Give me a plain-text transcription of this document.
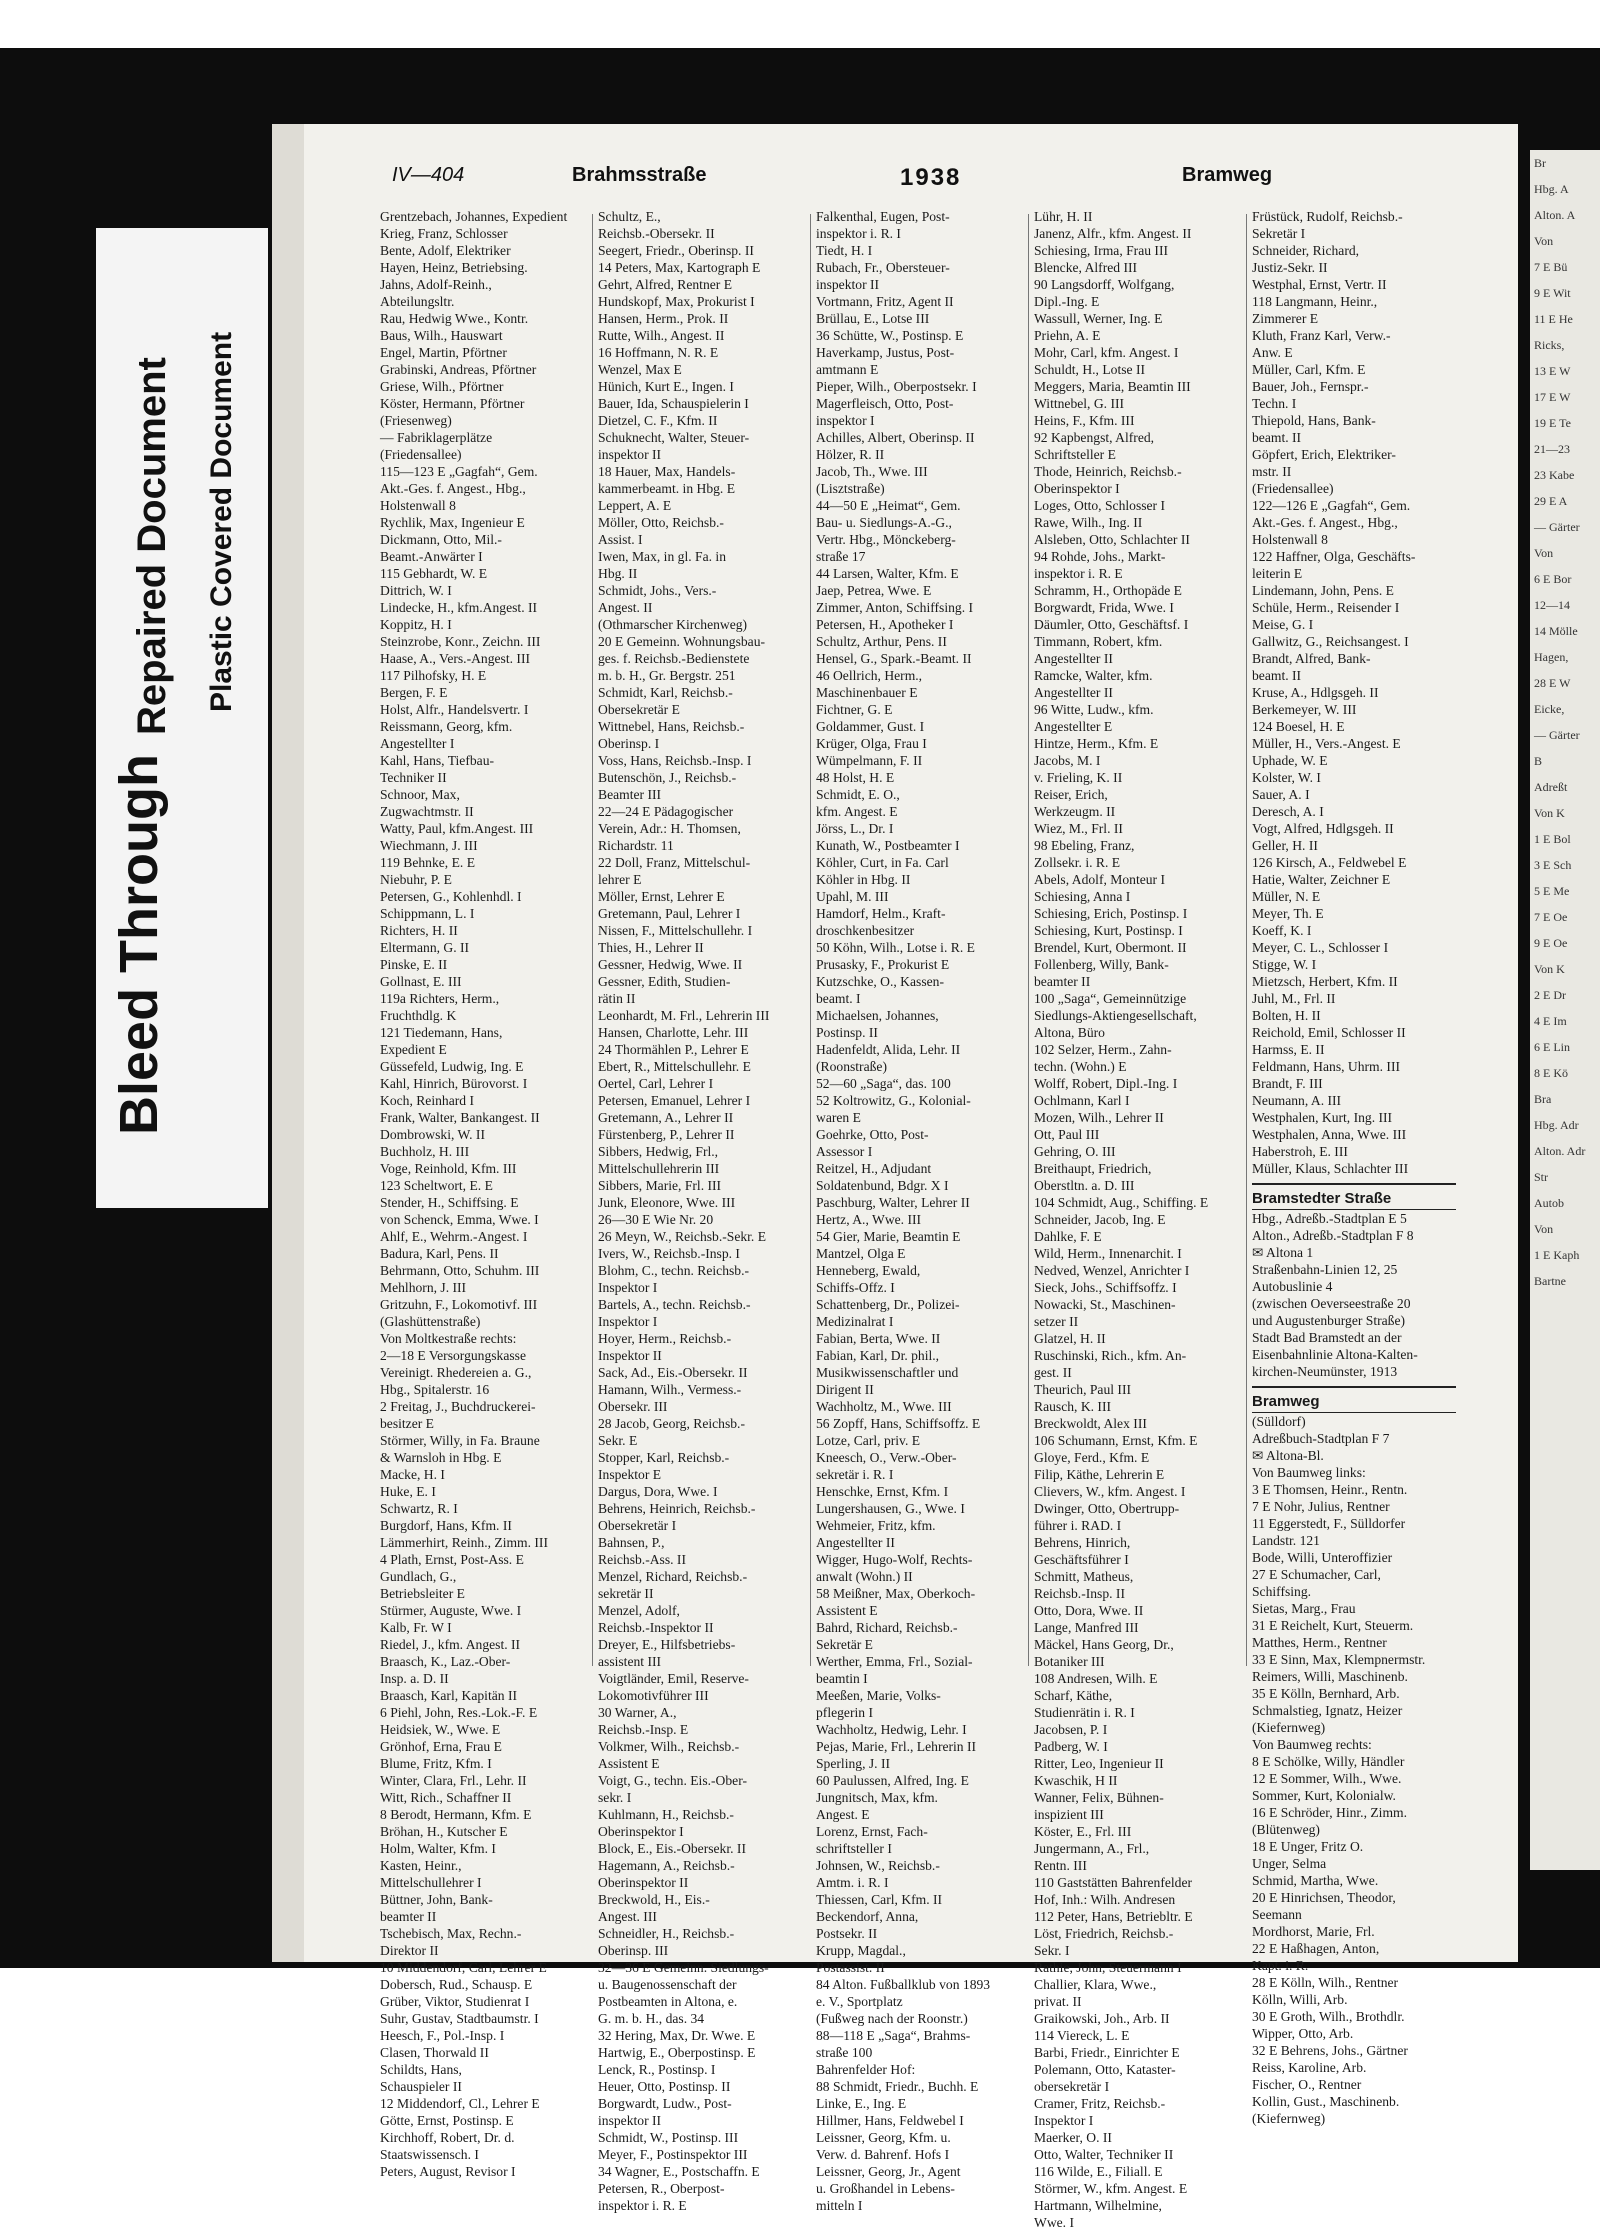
Bleed Through
Repaired Document Plastic Covered Document
Br
Hbg. A
Alton. A
Von
7 E Bü
9 E Wit
11 E He
Ricks,
13 E W
17 E W
19 E Te
21—23
23 Kabe
29 E A
— Gärter
Von
6 E Bor
12—14
14 Mölle
Hagen,
28 E W
Eicke,
— Gärter
B
Adreßt
Von K
1 E Bol
3 E Sch
5 E Me
7 E Oe
9 E Oe
Von K
2 E Dr
4 E Im
6 E Lin
8 E Kö
Bra
Hbg. Adr
Alton. Adr
Str
Autob
Von
1 E Kaph
Bartne
IV—404	Brahmsstraße	1938	Bramweg
Grentzebach, Johannes, Expedient
Krieg, Franz, Schlosser
Bente, Adolf, Elektriker
Hayen, Heinz, Betriebsing.
Jahns, Adolf-Reinh.,
Abteilungsltr.
Rau, Hedwig Wwe., Kontr.
Baus, Wilh., Hauswart
Engel, Martin, Pförtner
Grabinski, Andreas, Pförtner
Griese, Wilh., Pförtner
Köster, Hermann, Pförtner
(Friesenweg)
— Fabriklagerplätze
(Friedensallee)
115—123 E „Gagfah“, Gem.
Akt.-Ges. f. Angest., Hbg.,
Holstenwall 8
Rychlik, Max, Ingenieur E
Dickmann, Otto, Mil.-
Beamt.-Anwärter I
115 Gebhardt, W. E
Dittrich, W. I
Lindecke, H., kfm.Angest. II
Koppitz, H. I
Steinzrobe, Konr., Zeichn. III
Haase, A., Vers.-Angest. III
117 Pilhofsky, H. E
Bergen, F. E
Holst, Alfr., Handelsvertr. I
Reissmann, Georg, kfm.
Angestellter I
Kahl, Hans, Tiefbau-
Techniker II
Schnoor, Max,
Zugwachtmstr. II
Watty, Paul, kfm.Angest. III
Wiechmann, J. III
119 Behnke, E. E
Niebuhr, P. E
Petersen, G., Kohlenhdl. I
Schippmann, L. I
Richters, H. II
Eltermann, G. II
Pinske, E. II
Gollnast, E. III
119a Richters, Herm.,
Fruchthdlg. K
121 Tiedemann, Hans,
Expedient E
Güssefeld, Ludwig, Ing. E
Kahl, Hinrich, Bürovorst. I
Koch, Reinhard I
Frank, Walter, Bankangest. II
Dombrowski, W. II
Buchholz, H. III
Voge, Reinhold, Kfm. III
123 Scheltwort, E. E
Stender, H., Schiffsing. E
von Schenck, Emma, Wwe. I
Ahlf, E., Wehrm.-Angest. I
Badura, Karl, Pens. II
Behrmann, Otto, Schuhm. III
Mehlhorn, J. III
Gritzuhn, F., Lokomotivf. III
(Glashüttenstraße)
Von Moltkestraße rechts:
2—18 E Versorgungskasse
Vereinigt. Rhedereien a. G.,
Hbg., Spitalerstr. 16
2 Freitag, J., Buchdruckerei-
besitzer E
Störmer, Willy, in Fa. Braune
& Warnsloh in Hbg. E
Macke, H. I
Huke, E. I
Schwartz, R. I
Burgdorf, Hans, Kfm. II
Lämmerhirt, Reinh., Zimm. III
4 Plath, Ernst, Post-Ass. E
Gundlach, G.,
Betriebsleiter E
Stürmer, Auguste, Wwe. I
Kalb, Fr. W I
Riedel, J., kfm. Angest. II
Braasch, K., Laz.-Ober-
Insp. a. D. II
Braasch, Karl, Kapitän II
6 Piehl, John, Res.-Lok.-F. E
Heidsiek, W., Wwe. E
Grönhof, Erna, Frau E
Blume, Fritz, Kfm. I
Winter, Clara, Frl., Lehr. II
Witt, Rich., Schaffner II
8 Berodt, Hermann, Kfm. E
Bröhan, H., Kutscher E
Holm, Walter, Kfm. I
Kasten, Heinr.,
Mittelschullehrer I
Büttner, John, Bank-
beamter II
Tschebisch, Max, Rechn.-
Direktor II
10 Middendorf, Carl, Lehrer E
Dobersch, Rud., Schausp. E
Grüber, Viktor, Studienrat I
Suhr, Gustav, Stadtbaumstr. I
Heesch, F., Pol.-Insp. I
Clasen, Thorwald II
Schildts, Hans,
Schauspieler II
12 Middendorf, Cl., Lehrer E
Götte, Ernst, Postinsp. E
Kirchhoff, Robert, Dr. d.
Staatswissensch. I
Peters, August, Revisor I
Schultz, E.,
Reichsb.-Obersekr. II
Seegert, Friedr., Oberinsp. II
14 Peters, Max, Kartograph E
Gehrt, Alfred, Rentner E
Hundskopf, Max, Prokurist I
Hansen, Herm., Prok. II
Rutte, Wilh., Angest. II
16 Hoffmann, N. R. E
Wenzel, Max E
Hünich, Kurt E., Ingen. I
Bauer, Ida, Schauspielerin I
Dietzel, C. F., Kfm. II
Schuknecht, Walter, Steuer-
inspektor II
18 Hauer, Max, Handels-
kammerbeamt. in Hbg. E
Leppert, A. E
Möller, Otto, Reichsb.-
Assist. I
Iwen, Max, in gl. Fa. in
Hbg. II
Schmidt, Johs., Vers.-
Angest. II
(Othmarscher Kirchenweg)
20 E Gemeinn. Wohnungsbau-
ges. f. Reichsb.-Bedienstete
m. b. H., Gr. Bergstr. 251
Schmidt, Karl, Reichsb.-
Obersekretär E
Wittnebel, Hans, Reichsb.-
Oberinsp. I
Voss, Hans, Reichsb.-Insp. I
Butenschön, J., Reichsb.-
Beamter III
22—24 E Pädagogischer
Verein, Adr.: H. Thomsen,
Richardstr. 11
22 Doll, Franz, Mittelschul-
lehrer E
Möller, Ernst, Lehrer E
Gretemann, Paul, Lehrer I
Nissen, F., Mittelschullehr. I
Thies, H., Lehrer II
Gessner, Hedwig, Wwe. II
Gessner, Edith, Studien-
rätin II
Leonhardt, M. Frl., Lehrerin III
Hansen, Charlotte, Lehr. III
24 Thormählen P., Lehrer E
Ebert, R., Mittelschullehr. E
Oertel, Carl, Lehrer I
Petersen, Emanuel, Lehrer I
Gretemann, A., Lehrer II
Fürstenberg, P., Lehrer II
Sibbers, Hedwig, Frl.,
Mittelschullehrerin III
Sibbers, Marie, Frl. III
Junk, Eleonore, Wwe. III
26—30 E Wie Nr. 20
26 Meyn, W., Reichsb.-Sekr. E
Ivers, W., Reichsb.-Insp. I
Blohm, C., techn. Reichsb.-
Inspektor I
Bartels, A., techn. Reichsb.-
Inspektor I
Hoyer, Herm., Reichsb.-
Inspektor II
Sack, Ad., Eis.-Obersekr. II
Hamann, Wilh., Vermess.-
Obersekr. III
28 Jacob, Georg, Reichsb.-
Sekr. E
Stopper, Karl, Reichsb.-
Inspektor E
Dargus, Dora, Wwe. I
Behrens, Heinrich, Reichsb.-
Obersekretär I
Bahnsen, P.,
Reichsb.-Ass. II
Menzel, Richard, Reichsb.-
sekretär II
Menzel, Adolf,
Reichsb.-Inspektor II
Dreyer, E., Hilfsbetriebs-
assistent III
Voigtländer, Emil, Reserve-
Lokomotivführer III
30 Warner, A.,
Reichsb.-Insp. E
Volkmer, Wilh., Reichsb.-
Assistent E
Voigt, G., techn. Eis.-Ober-
sekr. I
Kuhlmann, H., Reichsb.-
Oberinspektor I
Block, E., Eis.-Obersekr. II
Hagemann, A., Reichsb.-
Oberinspektor II
Breckwold, H., Eis.-
Angest. III
Schneidler, H., Reichsb.-
Oberinsp. III
32—36 E Gemeinn. Siedlungs-
u. Baugenossenschaft der
Postbeamten in Altona, e.
G. m. b. H., das. 34
32 Hering, Max, Dr. Wwe. E
Hartwig, E., Oberpostinsp. E
Lenck, R., Postinsp. I
Heuer, Otto, Postinsp. II
Borgwardt, Ludw., Post-
inspektor II
Schmidt, W., Postinsp. III
Meyer, F., Postinspektor III
34 Wagner, E., Postschaffn. E
Petersen, R., Oberpost-
inspektor i. R. E
Falkenthal, Eugen, Post-
inspektor i. R. I
Tiedt, H. I
Rubach, Fr., Obersteuer-
inspektor II
Vortmann, Fritz, Agent II
Brüllau, E., Lotse III
36 Schütte, W., Postinsp. E
Haverkamp, Justus, Post-
amtmann E
Pieper, Wilh., Oberpostsekr. I
Magerfleisch, Otto, Post-
inspektor I
Achilles, Albert, Oberinsp. II
Hölzer, R. II
Jacob, Th., Wwe. III
(Lisztstraße)
44—50 E „Heimat“, Gem.
Bau- u. Siedlungs-A.-G.,
Vertr. Hbg., Mönckeberg-
straße 17
44 Larsen, Walter, Kfm. E
Jaep, Petrea, Wwe. E
Zimmer, Anton, Schiffsing. I
Petersen, H., Apotheker I
Schultz, Arthur, Pens. II
Hensel, G., Spark.-Beamt. II
46 Oellrich, Herm.,
Maschinenbauer E
Fichtner, G. E
Goldammer, Gust. I
Krüger, Olga, Frau I
Wümpelmann, F. II
48 Holst, H. E
Schmidt, E. O.,
kfm. Angest. E
Jörss, L., Dr. I
Kunath, W., Postbeamter I
Köhler, Curt, in Fa. Carl
Köhler in Hbg. II
Upahl, M. III
Hamdorf, Helm., Kraft-
droschkenbesitzer
50 Köhn, Wilh., Lotse i. R. E
Prusasky, F., Prokurist E
Kutzschke, O., Kassen-
beamt. I
Michaelsen, Johannes,
Postinsp. II
Hadenfeldt, Alida, Lehr. II
(Roonstraße)
52—60 „Saga“, das. 100
52 Koltrowitz, G., Kolonial-
waren E
Goehrke, Otto, Post-
Assessor I
Reitzel, H., Adjudant
Soldatenbund, Bdgr. X I
Paschburg, Walter, Lehrer II
Hertz, A., Wwe. III
54 Gier, Marie, Beamtin E
Mantzel, Olga E
Henneberg, Ewald,
Schiffs-Offz. I
Schattenberg, Dr., Polizei-
Medizinalrat I
Fabian, Berta, Wwe. II
Fabian, Karl, Dr. phil.,
Musikwissenschaftler und
Dirigent II
Wachholtz, M., Wwe. III
56 Zopff, Hans, Schiffsoffz. E
Lotze, Carl, priv. E
Kneesch, O., Verw.-Ober-
sekretär i. R. I
Henschke, Ernst, Kfm. I
Lungershausen, G., Wwe. I
Wehmeier, Fritz, kfm.
Angestellter II
Wigger, Hugo-Wolf, Rechts-
anwalt (Wohn.) II
58 Meißner, Max, Oberkoch-
Assistent E
Bahrd, Richard, Reichsb.-
Sekretär E
Werther, Emma, Frl., Sozial-
beamtin I
Meeßen, Marie, Volks-
pflegerin I
Wachholtz, Hedwig, Lehr. I
Pejas, Marie, Frl., Lehrerin II
Sperling, J. II
60 Paulussen, Alfred, Ing. E
Jungnitsch, Max, kfm.
Angest. E
Lorenz, Ernst, Fach-
schriftsteller I
Johnsen, W., Reichsb.-
Amtm. i. R. I
Thiessen, Carl, Kfm. II
Beckendorf, Anna,
Postsekr. II
Krupp, Magdal.,
Postassist. II
84 Alton. Fußballklub von 1893
e. V., Sportplatz
(Fußweg nach der Roonstr.)
88—118 E „Saga“, Brahms-
straße 100
Bahrenfelder Hof:
88 Schmidt, Friedr., Buchh. E
Linke, E., Ing. E
Hillmer, Hans, Feldwebel I
Leissner, Georg, Kfm. u.
Verw. d. Bahrenf. Hofs I
Leissner, Georg, Jr., Agent
u. Großhandel in Lebens-
mitteln I
Lühr, H. II
Janenz, Alfr., kfm. Angest. II
Schiesing, Irma, Frau III
Blencke, Alfred III
90 Langsdorff, Wolfgang,
Dipl.-Ing. E
Wassull, Werner, Ing. E
Priehn, A. E
Mohr, Carl, kfm. Angest. I
Schuldt, H., Lotse II
Meggers, Maria, Beamtin III
Wittnebel, G. III
Heins, F., Kfm. III
92 Kapbengst, Alfred,
Schriftsteller E
Thode, Heinrich, Reichsb.-
Oberinspektor I
Loges, Otto, Schlosser I
Rawe, Wilh., Ing. II
Alsleben, Otto, Schlachter II
94 Rohde, Johs., Markt-
inspektor i. R. E
Schramm, H., Orthopäde E
Borgwardt, Frida, Wwe. I
Däumler, Otto, Geschäftsf. I
Timmann, Robert, kfm.
Angestellter II
Ramcke, Walter, kfm.
Angestellter II
96 Witte, Ludw., kfm.
Angestellter E
Hintze, Herm., Kfm. E
Jacobs, M. I
v. Frieling, K. II
Reiser, Erich,
Werkzeugm. II
Wiez, M., Frl. II
98 Ebeling, Franz,
Zollsekr. i. R. E
Abels, Adolf, Monteur I
Schiesing, Anna I
Schiesing, Erich, Postinsp. I
Schiesing, Kurt, Postinsp. I
Brendel, Kurt, Obermont. II
Follenberg, Willy, Bank-
beamter II
100 „Saga“, Gemeinnützige
Siedlungs-Aktiengesellschaft,
Altona, Büro
102 Selzer, Herm., Zahn-
techn. (Wohn.) E
Wolff, Robert, Dipl.-Ing. I
Ochlmann, Karl I
Mozen, Wilh., Lehrer II
Ott, Paul III
Gehring, O. III
Breithaupt, Friedrich,
Oberstltn. a. D. III
104 Schmidt, Aug., Schiffing. E
Schneider, Jacob, Ing. E
Dahlke, F. E
Wild, Herm., Innenarchit. I
Nedved, Wenzel, Anrichter I
Sieck, Johs., Schiffsoffz. I
Nowacki, St., Maschinen-
setzer II
Glatzel, H. II
Ruschinski, Rich., kfm. An-
gest. II
Theurich, Paul III
Rausch, K. III
Breckwoldt, Alex III
106 Schumann, Ernst, Kfm. E
Gloye, Ferd., Kfm. E
Filip, Käthe, Lehrerin E
Clievers, W., kfm. Angest. I
Dwinger, Otto, Obertrupp-
führer i. RAD. I
Behrens, Hinrich,
Geschäftsführer I
Schmitt, Matheus,
Reichsb.-Insp. II
Otto, Dora, Wwe. II
Lange, Manfred III
Mäckel, Hans Georg, Dr.,
Botaniker III
108 Andresen, Wilh. E
Scharf, Käthe,
Studienrätin i. R. I
Jacobsen, P. I
Padberg, W. I
Ritter, Leo, Ingenieur II
Kwaschik, H II
Wanner, Felix, Bühnen-
inspizient III
Köster, E., Frl. III
Jungermann, A., Frl.,
Rentn. III
110 Gaststätten Bahrenfelder
Hof, Inh.: Wilh. Andresen
112 Peter, Hans, Betriebltr. E
Löst, Friedrich, Reichsb.-
Sekr. I
Rathie, John, Steuermann I
Challier, Klara, Wwe.,
privat. II
Graikowski, Joh., Arb. II
114 Viereck, L. E
Barbi, Friedr., Einrichter E
Polemann, Otto, Kataster-
obersekretär I
Cramer, Fritz, Reichsb.-
Inspektor I
Maerker, O. II
Otto, Walter, Techniker II
116 Wilde, E., Filiall. E
Störmer, W., kfm. Angest. E
Hartmann, Wilhelmine,
Wwe. I
Früstück, Rudolf, Reichsb.-
Sekretär I
Schneider, Richard,
Justiz-Sekr. II
Westphal, Ernst, Vertr. II
118 Langmann, Heinr.,
Zimmerer E
Kluth, Franz Karl, Verw.-
Anw. E
Müller, Carl, Kfm. E
Bauer, Joh., Fernspr.-
Techn. I
Thiepold, Hans, Bank-
beamt. II
Göpfert, Erich, Elektriker-
mstr. II
(Friedensallee)
122—126 E „Gagfah“, Gem.
Akt.-Ges. f. Angest., Hbg.,
Holstenwall 8
122 Haffner, Olga, Geschäfts-
leiterin E
Lindemann, John, Pens. E
Schüle, Herm., Reisender I
Meise, G. I
Gallwitz, G., Reichsangest. I
Brandt, Alfred, Bank-
beamt. II
Kruse, A., Hdlgsgeh. II
Berkemeyer, W. III
124 Boesel, H. E
Müller, H., Vers.-Angest. E
Uphade, W. E
Kolster, W. I
Sauer, A. I
Deresch, A. I
Vogt, Alfred, Hdlgsgeh. II
Geller, H. II
126 Kirsch, A., Feldwebel E
Hatie, Walter, Zeichner E
Müller, N. E
Meyer, Th. E
Koeff, K. I
Meyer, C. L., Schlosser I
Stigge, W. I
Mietzsch, Herbert, Kfm. II
Juhl, M., Frl. II
Bolten, H. II
Reichold, Emil, Schlosser II
Harmss, E. II
Feldmann, Hans, Uhrm. III
Brandt, F. III
Neumann, A. III
Westphalen, Kurt, Ing. III
Westphalen, Anna, Wwe. III
Haberstroh, E. III
Müller, Klaus, Schlachter III
Bramstedter Straße
Hbg., Adreßb.-Stadtplan E 5
Alton., Adreßb.-Stadtplan F 8
✉ Altona 1
Straßenbahn-Linien 12, 25
Autobuslinie 4
(zwischen Oeverseestraße 20
und Augustenburger Straße)
Stadt Bad Bramstedt an der
Eisenbahnlinie Altona-Kalten-
kirchen-Neumünster, 1913
Bramweg
(Sülldorf)
Adreßbuch-Stadtplan F 7
✉ Altona-Bl.
Von Baumweg links:
3 E Thomsen, Heinr., Rentn.
7 E Nohr, Julius, Rentner
11 Eggerstedt, F., Sülldorfer
Landstr. 121
Bode, Willi, Unteroffizier
27 E Schumacher, Carl,
Schiffsing.
Sietas, Marg., Frau
31 E Reichelt, Kurt, Steuerm.
Matthes, Herm., Rentner
33 E Sinn, Max, Klempnermstr.
Reimers, Willi, Maschinenb.
35 E Kölln, Bernhard, Arb.
Schmalstieg, Ignatz, Heizer
(Kiefernweg)
Von Baumweg rechts:
8 E Schölke, Willy, Händler
12 E Sommer, Wilh., Wwe.
Sommer, Kurt, Kolonialw.
16 E Schröder, Hinr., Zimm.
(Blütenweg)
18 E Unger, Fritz O.
Unger, Selma
Schmid, Martha, Wwe.
20 E Hinrichsen, Theodor,
Seemann
Mordhorst, Marie, Frl.
22 E Haßhagen, Anton,
Kapt. i. R.
28 E Kölln, Wilh., Rentner
Kölln, Willi, Arb.
30 E Groth, Wilh., Brothdlr.
Wipper, Otto, Arb.
32 E Behrens, Johs., Gärtner
Reiss, Karoline, Arb.
Fischer, O., Rentner
Kollin, Gust., Maschinenb.
(Kiefernweg)
